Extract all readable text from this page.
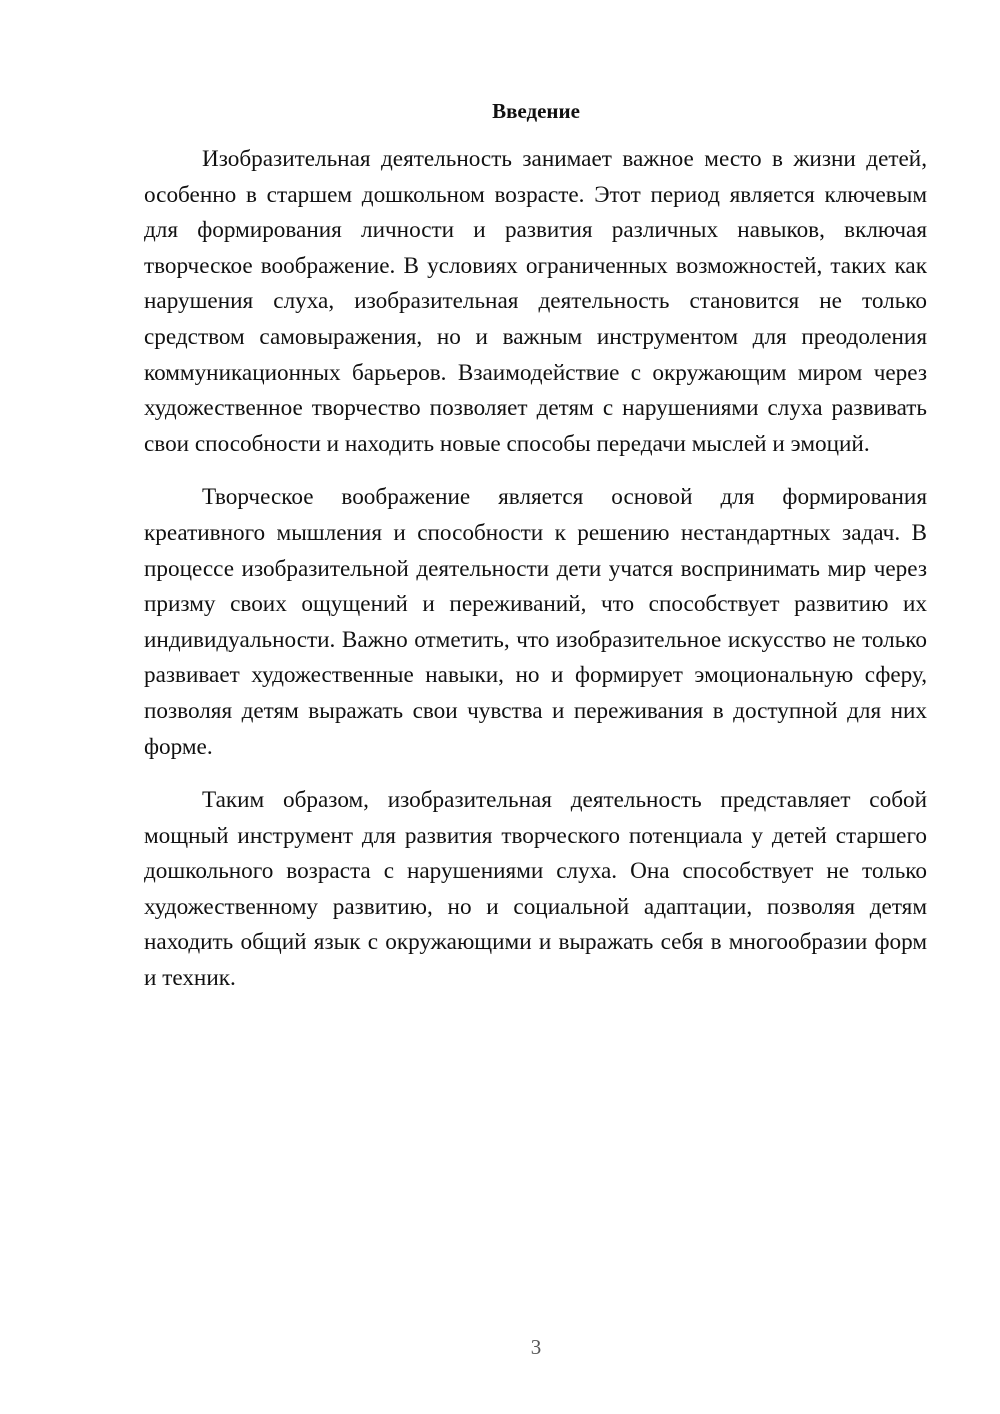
Введение

Изобразительная деятельность занимает важное место в жизни детей, особенно в старшем дошкольном возрасте. Этот период является ключевым для формирования личности и развития различных навыков, включая творческое воображение. В условиях ограниченных возможностей, таких как нарушения слуха, изобразительная деятельность становится не только средством самовыражения, но и важным инструментом для преодоления коммуникационных барьеров. Взаимодействие с окружающим миром через художественное творчество позволяет детям с нарушениями слуха развивать свои способности и находить новые способы передачи мыслей и эмоций.

Творческое воображение является основой для формирования креативного мышления и способности к решению нестандартных задач. В процессе изобразительной деятельности дети учатся воспринимать мир через призму своих ощущений и переживаний, что способствует развитию их индивидуальности. Важно отметить, что изобразительное искусство не только развивает художественные навыки, но и формирует эмоциональную сферу, позволяя детям выражать свои чувства и переживания в доступной для них форме.

Таким образом, изобразительная деятельность представляет собой мощный инструмент для развития творческого потенциала у детей старшего дошкольного возраста с нарушениями слуха. Она способствует не только художественному развитию, но и социальной адаптации, позволяя детям находить общий язык с окружающими и выражать себя в многообразии форм и техник.

3
